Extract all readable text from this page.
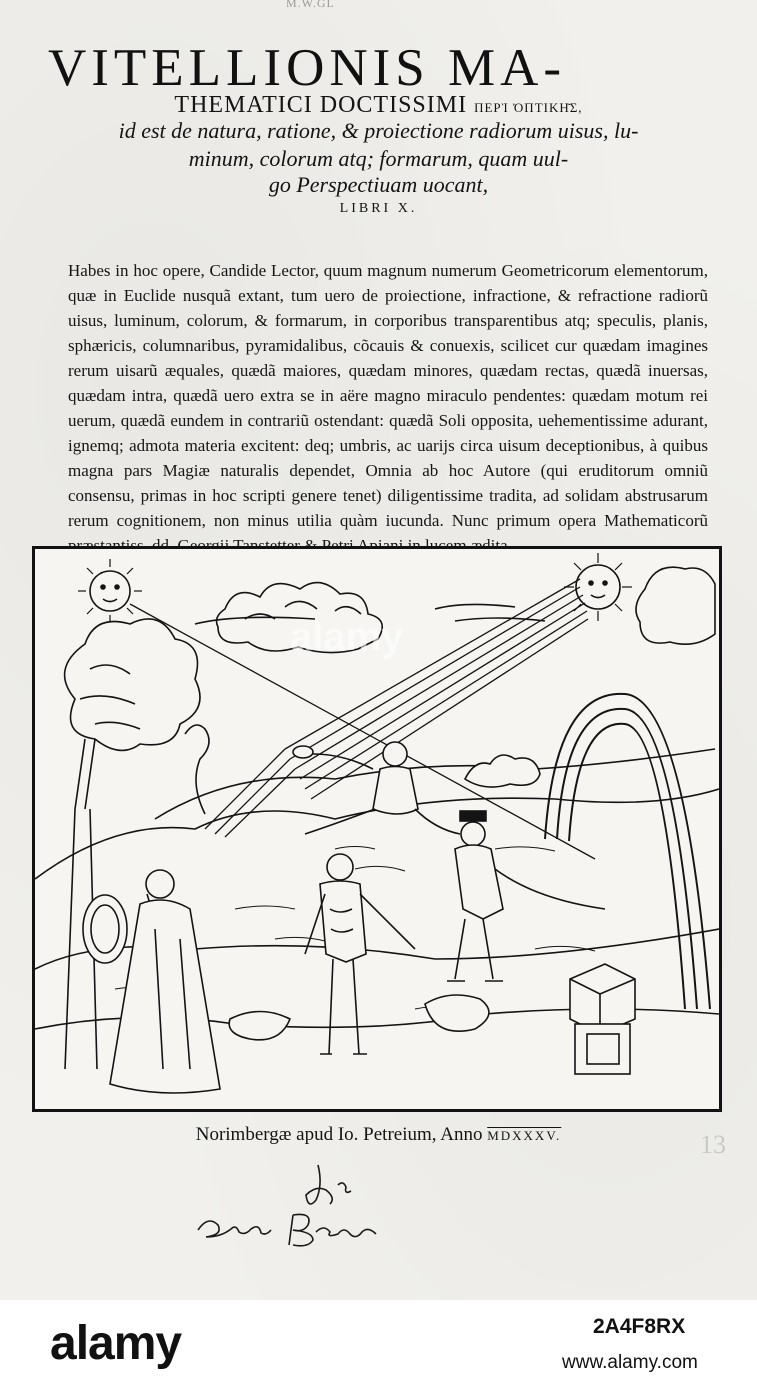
M.W.GL
VITELLIONIS MA-
THEMATICI DOCTISSIMI ΠΕΡῚ ὈΠΤΙΚΗ͂Σ,
id est de natura, ratione, & proiectione radiorum uisus, lu-
minum, colorum atq; formarum, quam uul-
go Perspectiuam uocant,
LIBRI X.
Habes in hoc opere, Candide Lector, quum magnum numerum Geometricorum elementorum, quæ in Euclide nusquã extant, tum uero de proiectione, infractione, & refractione radiorũ uisus, luminum, colorum, & formarum, in corporibus transparentibus atq; speculis, planis, sphæricis, columnaribus, pyramidalibus, cõcauis & conuexis, scilicet cur quædam imagines rerum uisarũ æquales, quædã maiores, quædam minores, quædam rectas, quædã inuersas, quædam intra, quædã uero extra se in aëre magno miraculo pendentes: quædam motum rei uerum, quædã eundem in contrariũ ostendant: quædã Soli opposita, uehementissime adurant, ignemq; admota materia excitent: deq; umbris, ac uarijs circa uisum deceptionibus, à quibus magna pars Magiæ naturalis dependet, Omnia ab hoc Autore (qui eruditorum omniũ consensu, primas in hoc scripti genere tenet) diligentissime tradita, ad solidam abstrusarum rerum cognitionem, non minus utilia quàm iucunda. Nunc primum opera Mathematicorũ
Norimbergæ apud Io. Petreium, Anno MDXXXV.	13
alamy
alamy	2A4F8RX
www.alamy.com
